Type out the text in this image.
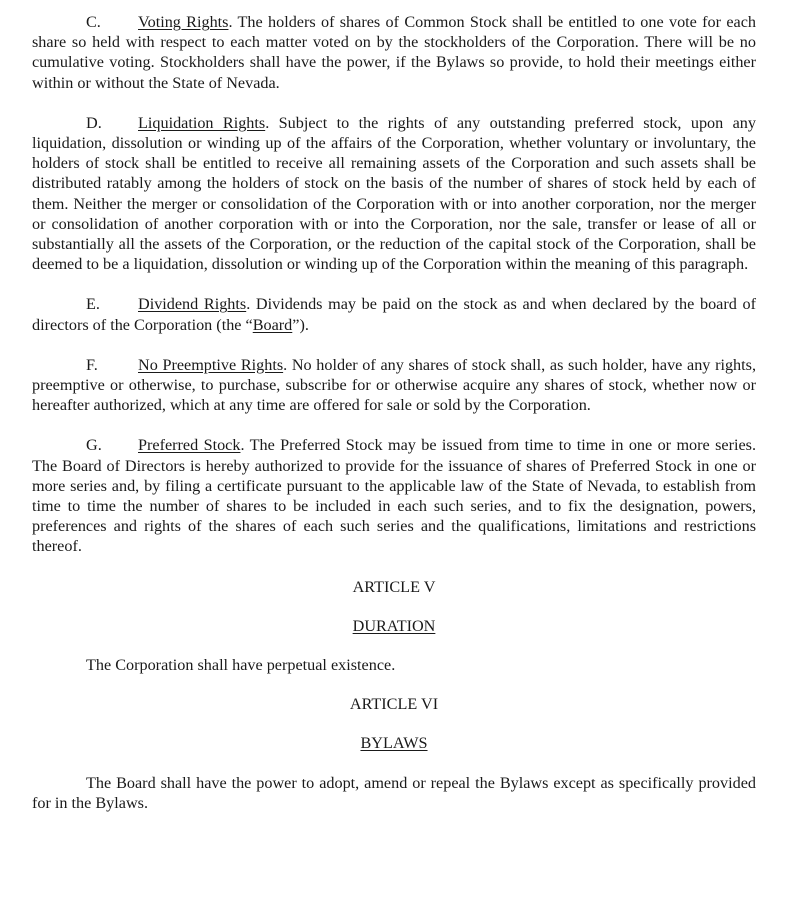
C. Voting Rights. The holders of shares of Common Stock shall be entitled to one vote for each share so held with respect to each matter voted on by the stockholders of the Corporation. There will be no cumulative voting. Stockholders shall have the power, if the Bylaws so provide, to hold their meetings either within or without the State of Nevada.

D. Liquidation Rights. Subject to the rights of any outstanding preferred stock, upon any liquidation, dissolution or winding up of the affairs of the Corporation, whether voluntary or involuntary, the holders of stock shall be entitled to receive all remaining assets of the Corporation and such assets shall be distributed ratably among the holders of stock on the basis of the number of shares of stock held by each of them. Neither the merger or consolidation of the Corporation with or into another corporation, nor the merger or consolidation of another corporation with or into the Corporation, nor the sale, transfer or lease of all or substantially all the assets of the Corporation, or the reduction of the capital stock of the Corporation, shall be deemed to be a liquidation, dissolution or winding up of the Corporation within the meaning of this paragraph.

E. Dividend Rights. Dividends may be paid on the stock as and when declared by the board of directors of the Corporation (the “Board”).

F. No Preemptive Rights. No holder of any shares of stock shall, as such holder, have any rights, preemptive or otherwise, to purchase, subscribe for or otherwise acquire any shares of stock, whether now or hereafter authorized, which at any time are offered for sale or sold by the Corporation.

G. Preferred Stock. The Preferred Stock may be issued from time to time in one or more series. The Board of Directors is hereby authorized to provide for the issuance of shares of Preferred Stock in one or more series and, by filing a certificate pursuant to the applicable law of the State of Nevada, to establish from time to time the number of shares to be included in each such series, and to fix the designation, powers, preferences and rights of the shares of each such series and the qualifications, limitations and restrictions thereof.

ARTICLE V

DURATION

The Corporation shall have perpetual existence.

ARTICLE VI

BYLAWS

The Board shall have the power to adopt, amend or repeal the Bylaws except as specifically provided for in the Bylaws.
